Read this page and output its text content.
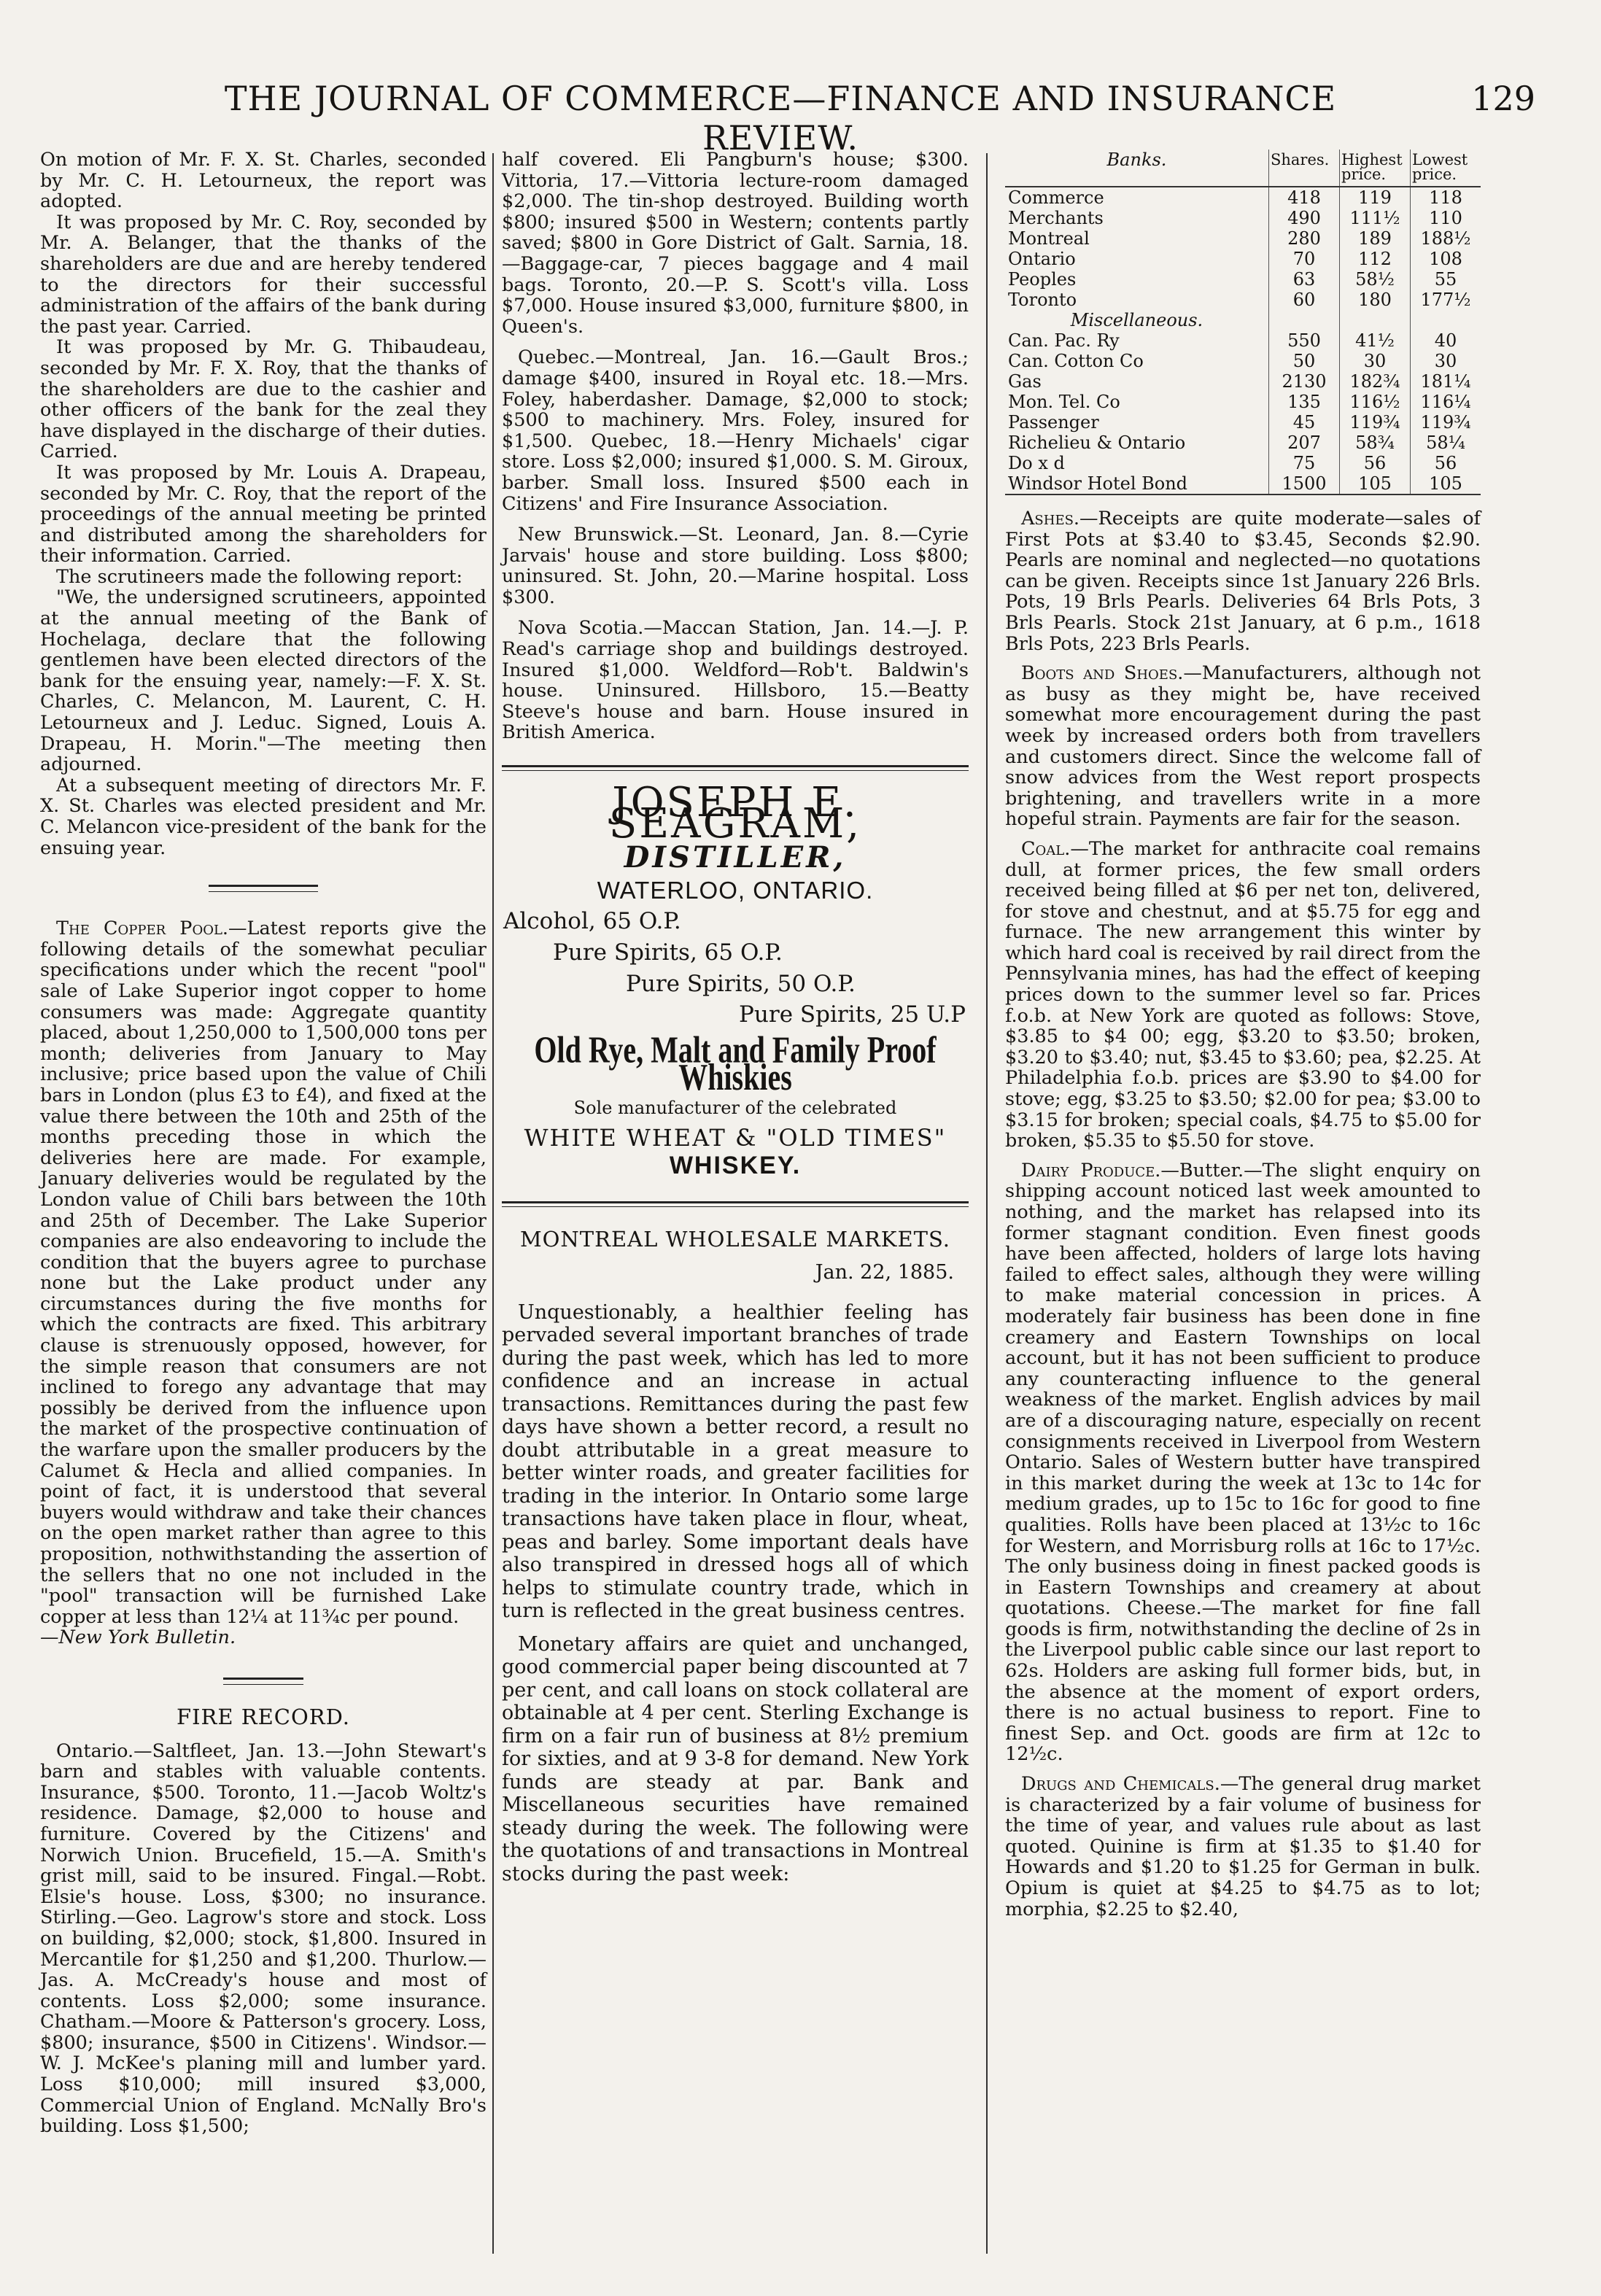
THE JOURNAL OF COMMERCE—FINANCE AND INSURANCE REVIEW.
129

On motion of Mr. F. X. St. Charles, seconded by Mr. C. H. Letourneux, the report was adopted.

It was proposed by Mr. C. Roy, seconded by Mr. A. Belanger, that the thanks of the shareholders are due and are hereby tendered to the directors for their successful administration of the affairs of the bank during the past year. Carried.

It was proposed by Mr. G. Thibaudeau, seconded by Mr. F. X. Roy, that the thanks of the shareholders are due to the cashier and other officers of the bank for the zeal they have displayed in the discharge of their duties. Carried.

It was proposed by Mr. Louis A. Drapeau, seconded by Mr. C. Roy, that the report of the proceedings of the annual meeting be printed and distributed among the shareholders for their information. Carried.

The scrutineers made the following report:

"We, the undersigned scrutineers, appointed at the annual meeting of the Bank of Hochelaga, declare that the following gentlemen have been elected directors of the bank for the ensuing year, namely:—F. X. St. Charles, C. Melancon, M. Laurent, C. H. Letourneux and J. Leduc. Signed, Louis A. Drapeau, H. Morin."—The meeting then adjourned.

At a subsequent meeting of directors Mr. F. X. St. Charles was elected president and Mr. C. Melancon vice-president of the bank for the ensuing year.

The Copper Pool.—Latest reports give the following details of the somewhat peculiar specifications under which the recent "pool" sale of Lake Superior ingot copper to home consumers was made: Aggregate quantity placed, about 1,250,000 to 1,500,000 tons per month; deliveries from January to May inclusive; price based upon the value of Chili bars in London (plus £3 to £4), and fixed at the value there between the 10th and 25th of the months preceding those in which the deliveries here are made. For example, January deliveries would be regulated by the London value of Chili bars between the 10th and 25th of December. The Lake Superior companies are also endeavoring to include the condition that the buyers agree to purchase none but the Lake product under any circumstances during the five months for which the contracts are fixed. This arbitrary clause is strenuously opposed, however, for the simple reason that consumers are not inclined to forego any advantage that may possibly be derived from the influence upon the market of the prospective continuation of the warfare upon the smaller producers by the Calumet & Hecla and allied companies. In point of fact, it is understood that several buyers would withdraw and take their chances on the open market rather than agree to this proposition, nothwithstanding the assertion of the sellers that no one not included in the "pool" transaction will be furnished Lake copper at less than 12¼ at 11¾c per pound.
—New York Bulletin.

FIRE RECORD.

Ontario.—Saltfleet, Jan. 13.—John Stewart's barn and stables with valuable contents. Insurance, $500. Toronto, 11.—Jacob Woltz's residence. Damage, $2,000 to house and furniture. Covered by the Citizens' and Norwich Union. Brucefield, 15.—A. Smith's grist mill, said to be insured. Fingal.—Robt. Elsie's house. Loss, $300; no insurance. Stirling.—Geo. Lagrow's store and stock. Loss on building, $2,000; stock, $1,800. Insured in Mercantile for $1,250 and $1,200. Thurlow.—Jas. A. McCready's house and most of contents. Loss $2,000; some insurance. Chatham.—Moore & Patterson's grocery. Loss, $800; insurance, $500 in Citizens'. Windsor.—W. J. McKee's planing mill and lumber yard. Loss $10,000; mill insured $3,000, Commercial Union of England. McNally Bro's building. Loss $1,500;

half covered. Eli Pangburn's house; $300. Vittoria, 17.—Vittoria lecture-room damaged $2,000. The tin-shop destroyed. Building worth $800; insured $500 in Western; contents partly saved; $800 in Gore District of Galt. Sarnia, 18.—Baggage-car, 7 pieces baggage and 4 mail bags. Toronto, 20.—P. S. Scott's villa. Loss $7,000. House insured $3,000, furniture $800, in Queen's.

Quebec.—Montreal, Jan. 16.—Gault Bros.; damage $400, insured in Royal etc. 18.—Mrs. Foley, haberdasher. Damage, $2,000 to stock; $500 to machinery. Mrs. Foley, insured for $1,500. Quebec, 18.—Henry Michaels' cigar store. Loss $2,000; insured $1,000. S. M. Giroux, barber. Small loss. Insured $500 each in Citizens' and Fire Insurance Association.

New Brunswick.—St. Leonard, Jan. 8.—Cyrie Jarvais' house and store building. Loss $800; uninsured. St. John, 20.—Marine hospital. Loss $300.

Nova Scotia.—Maccan Station, Jan. 14.—J. P. Read's carriage shop and buildings destroyed. Insured $1,000. Weldford—Rob't. Baldwin's house. Uninsured. Hillsboro, 15.—Beatty Steeve's house and barn. House insured in British America.

JOSEPH E. SEAGRAM,
DISTILLER,
WATERLOO, ONTARIO.
Alcohol, 65 O.P.
Pure Spirits, 65 O.P.
Pure Spirits, 50 O.P.
Pure Spirits, 25 U.P
Old Rye, Malt and Family Proof Whiskies
Sole manufacturer of the celebrated
WHITE WHEAT & "OLD TIMES"
WHISKEY.
MONTREAL WHOLESALE MARKETS.
Jan. 22, 1885.

Unquestionably, a healthier feeling has pervaded several important branches of trade during the past week, which has led to more confidence and an increase in actual transactions. Remittances during the past few days have shown a better record, a result no doubt attributable in a great measure to better winter roads, and greater facilities for trading in the interior. In Ontario some large transactions have taken place in flour, wheat, peas and barley. Some important deals have also transpired in dressed hogs all of which helps to stimulate country trade, which in turn is reflected in the great business centres.

Monetary affairs are quiet and unchanged, good commercial paper being discounted at 7 per cent, and call loans on stock collateral are obtainable at 4 per cent. Sterling Exchange is firm on a fair run of business at 8½ premium for sixties, and at 9 3-8 for demand. New York funds are steady at par. Bank and Miscellaneous securities have remained steady during the week. The following were the quotations of and transactions in Montreal stocks during the past week:

Banks.	Shares.	Highest price.	Lowest price.
Commerce	418	119	118
Merchants	490	111½	110
Montreal	280	189	188½
Ontario	70	112	108
Peoples	63	58½	55
Toronto	60	180	177½
Miscellaneous.			
Can. Pac. Ry	550	41½	40
Can. Cotton Co	50	30	30
Gas	2130	182¾	181¼
Mon. Tel. Co	135	116½	116¼
Passenger	45	119¾	119¾
Richelieu & Ontario	207	58¾	58¼
Do x d	75	56	56
Windsor Hotel Bond	1500	105	105

Ashes.—Receipts are quite moderate—sales of First Pots at $3.40 to $3.45, Seconds $2.90. Pearls are nominal and neglected—no quotations can be given. Receipts since 1st January 226 Brls. Pots, 19 Brls Pearls. Deliveries 64 Brls Pots, 3 Brls Pearls. Stock 21st January, at 6 p.m., 1618 Brls Pots, 223 Brls Pearls.

Boots and Shoes.—Manufacturers, although not as busy as they might be, have received somewhat more encouragement during the past week by increased orders both from travellers and customers direct. Since the welcome fall of snow advices from the West report prospects brightening, and travellers write in a more hopeful strain. Payments are fair for the season.

Coal.—The market for anthracite coal remains dull, at former prices, the few small orders received being filled at $6 per net ton, delivered, for stove and chestnut, and at $5.75 for egg and furnace. The new arrangement this winter by which hard coal is received by rail direct from the Pennsylvania mines, has had the effect of keeping prices down to the summer level so far. Prices f.o.b. at New York are quoted as follows: Stove, $3.85 to $4 00; egg, $3.20 to $3.50; broken, $3.20 to $3.40; nut, $3.45 to $3.60; pea, $2.25. At Philadelphia f.o.b. prices are $3.90 to $4.00 for stove; egg, $3.25 to $3.50; $2.00 for pea; $3.00 to $3.15 for broken; special coals, $4.75 to $5.00 for broken, $5.35 to $5.50 for stove.

Dairy Produce.—Butter.—The slight enquiry on shipping account noticed last week amounted to nothing, and the market has relapsed into its former stagnant condition. Even finest goods have been affected, holders of large lots having failed to effect sales, although they were willing to make material concession in prices. A moderately fair business has been done in fine creamery and Eastern Townships on local account, but it has not been sufficient to produce any counteracting influence to the general weakness of the market. English advices by mail are of a discouraging nature, especially on recent consignments received in Liverpool from Western Ontario. Sales of Western butter have transpired in this market during the week at 13c to 14c for medium grades, up to 15c to 16c for good to fine qualities. Rolls have been placed at 13½c to 16c for Western, and Morrisburg rolls at 16c to 17½c. The only business doing in finest packed goods is in Eastern Townships and creamery at about quotations. Cheese.—The market for fine fall goods is firm, notwithstanding the decline of 2s in the Liverpool public cable since our last report to 62s. Holders are asking full former bids, but, in the absence at the moment of export orders, there is no actual business to report. Fine to finest Sep. and Oct. goods are firm at 12c to 12½c.

Drugs and Chemicals.—The general drug market is characterized by a fair volume of business for the time of year, and values rule about as last quoted. Quinine is firm at $1.35 to $1.40 for Howards and $1.20 to $1.25 for German in bulk. Opium is quiet at $4.25 to $4.75 as to lot; morphia, $2.25 to $2.40,
